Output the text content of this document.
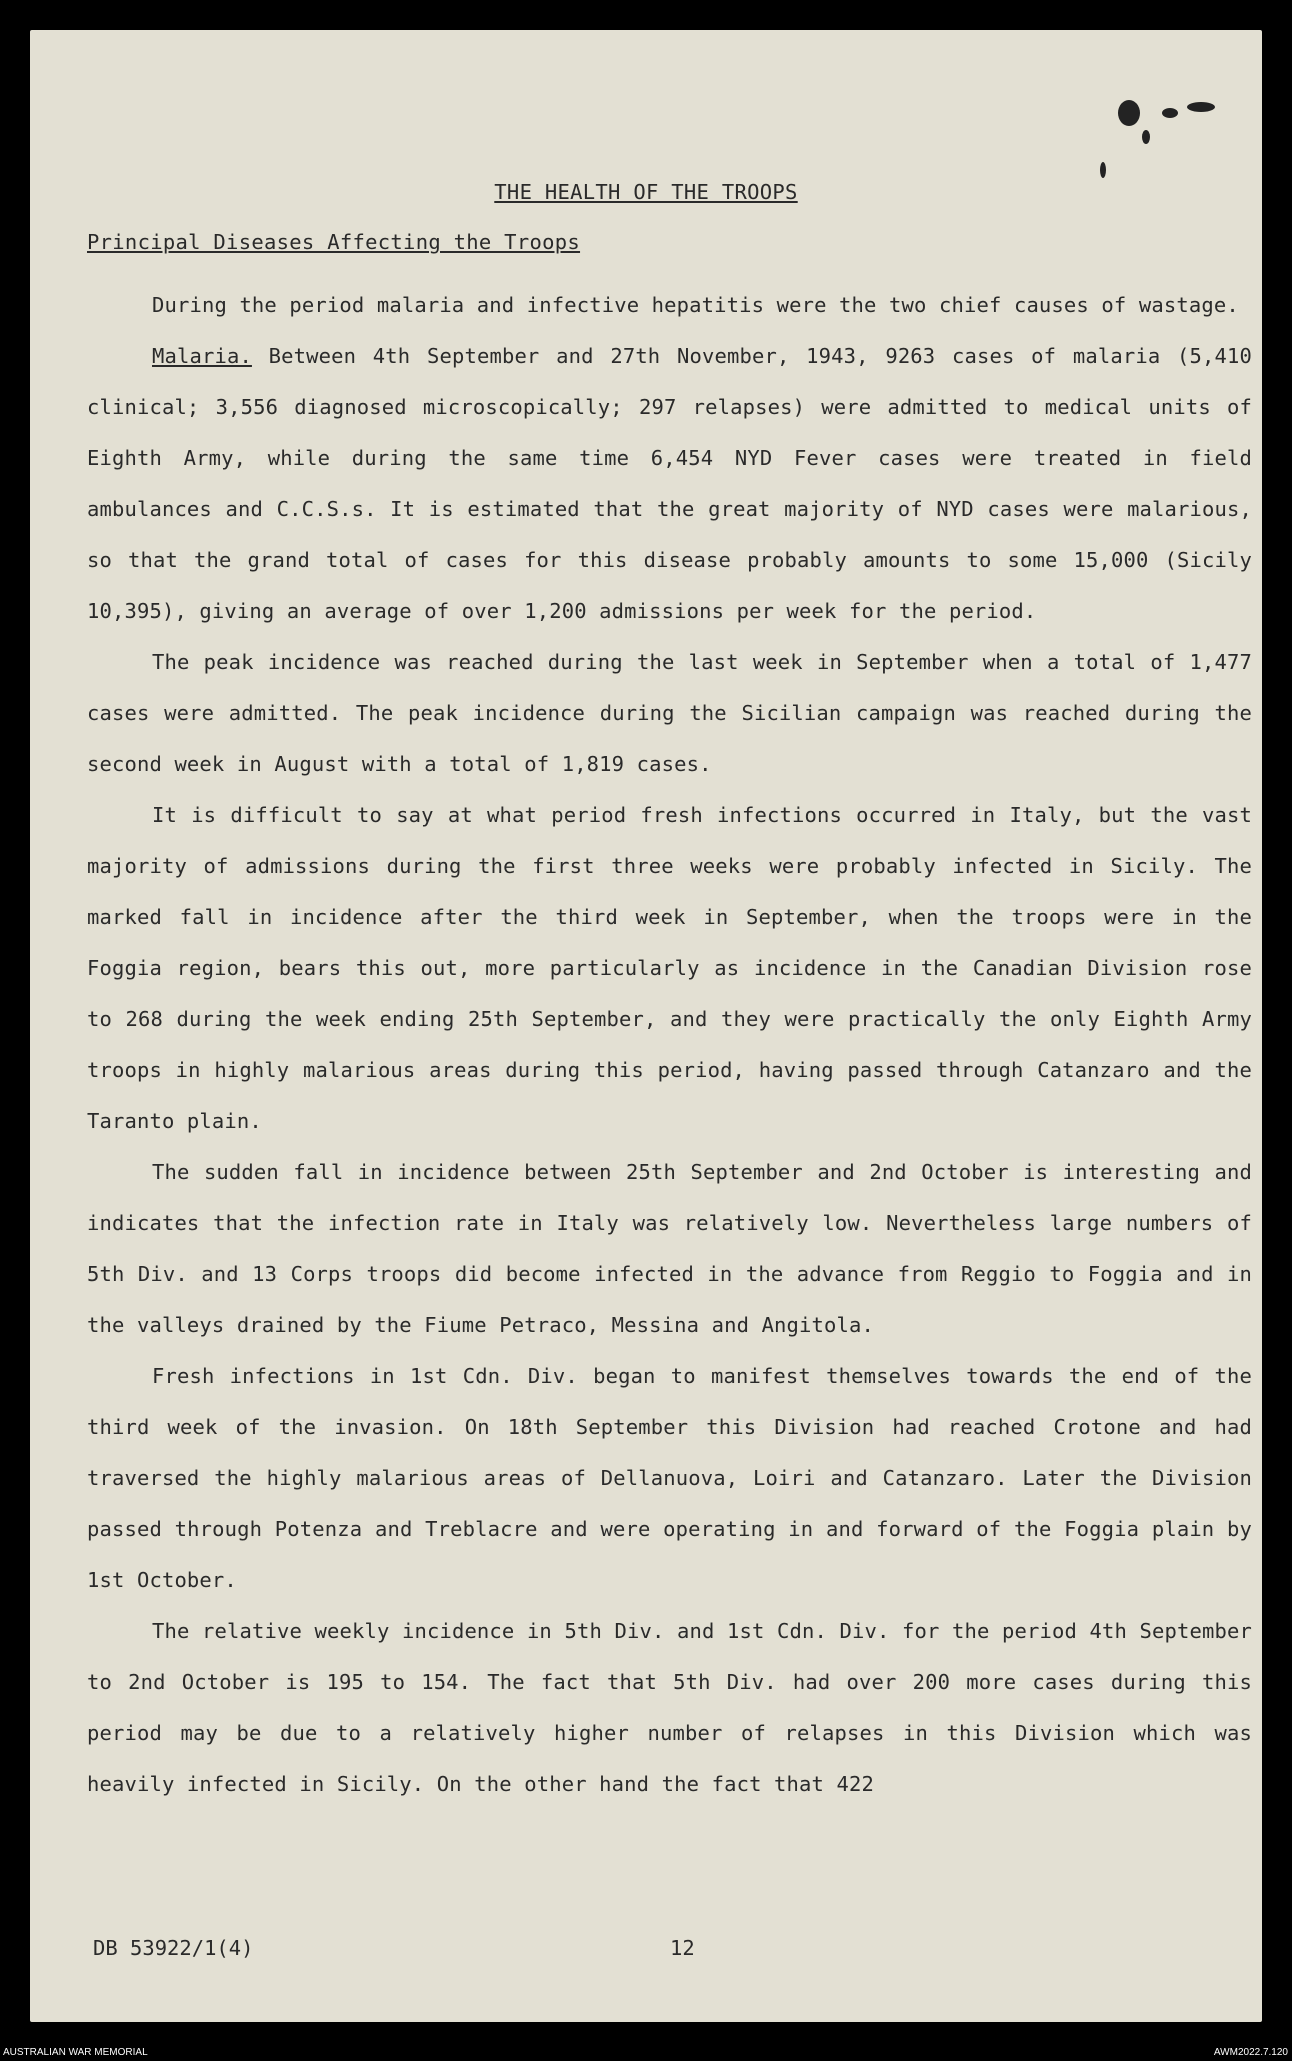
THE HEALTH OF THE TROOPS
Principal Diseases Affecting the Troops

During the period malaria and infective hepatitis were the two chief causes of wastage.

Malaria. Between 4th September and 27th November, 1943, 9263 cases of malaria (5,410 clinical; 3,556 diagnosed microscopically; 297 relapses) were admitted to medical units of Eighth Army, while during the same time 6,454 NYD Fever cases were treated in field ambulances and C.C.S.s. It is estimated that the great majority of NYD cases were malarious, so that the grand total of cases for this disease probably amounts to some 15,000 (Sicily 10,395), giving an average of over 1,200 admissions per week for the period.

The peak incidence was reached during the last week in September when a total of 1,477 cases were admitted. The peak incidence during the Sicilian campaign was reached during the second week in August with a total of 1,819 cases.

It is difficult to say at what period fresh infections occurred in Italy, but the vast majority of admissions during the first three weeks were probably infected in Sicily. The marked fall in incidence after the third week in September, when the troops were in the Foggia region, bears this out, more particularly as incidence in the Canadian Division rose to 268 during the week ending 25th September, and they were practically the only Eighth Army troops in highly malarious areas during this period, having passed through Catanzaro and the Taranto plain.

The sudden fall in incidence between 25th September and 2nd October is interesting and indicates that the infection rate in Italy was relatively low. Nevertheless large numbers of 5th Div. and 13 Corps troops did become infected in the advance from Reggio to Foggia and in the valleys drained by the Fiume Petraco, Messina and Angitola.

Fresh infections in 1st Cdn. Div. began to manifest themselves towards the end of the third week of the invasion. On 18th September this Division had reached Crotone and had traversed the highly malarious areas of Dellanuova, Loiri and Catanzaro. Later the Division passed through Potenza and Treblacre and were operating in and forward of the Foggia plain by 1st October.

The relative weekly incidence in 5th Div. and 1st Cdn. Div. for the period 4th September to 2nd October is 195 to 154. The fact that 5th Div. had over 200 more cases during this period may be due to a relatively higher number of relapses in this Division which was heavily infected in Sicily. On the other hand the fact that 422

DB 53922/1(4)	12
AUSTRALIAN WAR MEMORIAL	AWM2022.7.120
